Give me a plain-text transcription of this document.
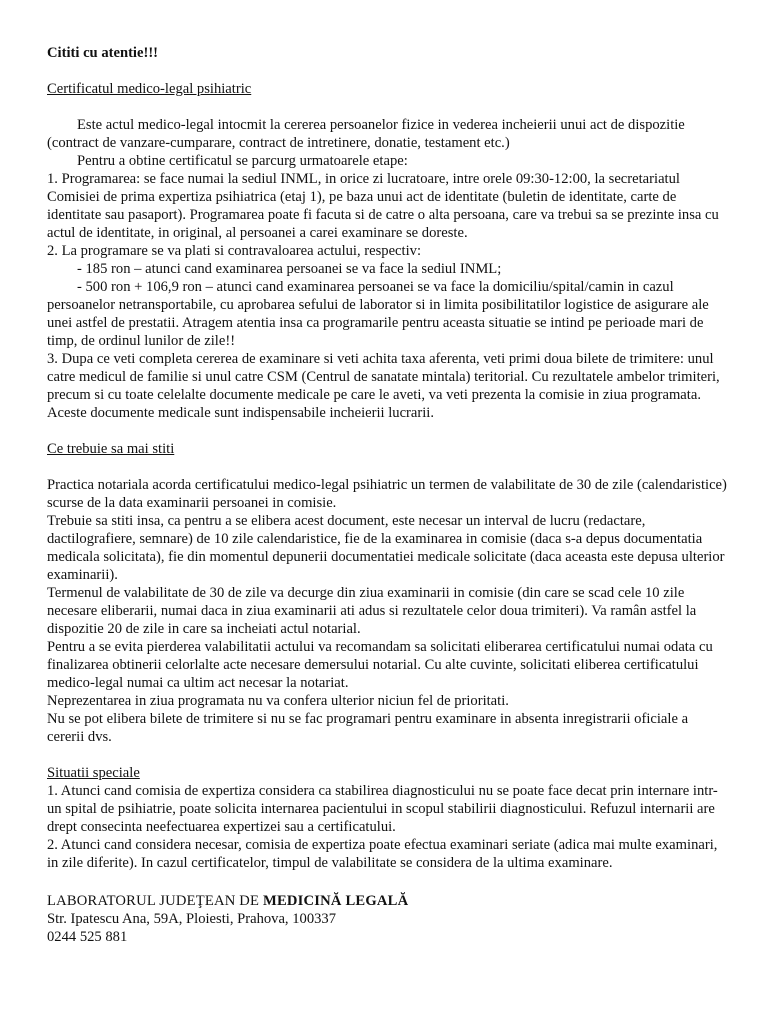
Cititi cu atentie!!!

Certificatul medico-legal psihiatric

Este actul medico-legal intocmit la cererea persoanelor fizice in vederea incheierii unui act de dispozitie (contract de vanzare-cumparare, contract de intretinere, donatie, testament etc.)

Pentru a obtine certificatul se parcurg urmatoarele etape:

1. Programarea: se face numai la sediul INML, in orice zi lucratoare, intre orele 09:30-12:00, la secretariatul Comisiei de prima expertiza psihiatrica (etaj 1), pe baza unui act de identitate (buletin de identitate, carte de identitate sau pasaport). Programarea poate fi facuta si de catre o alta persoana, care va trebui sa se prezinte insa cu actul de identitate, in original, al persoanei a carei examinare se doreste.

2. La programare se va plati si contravaloarea actului, respectiv:

- 185 ron – atunci cand examinarea persoanei se va face la sediul INML;

- 500 ron + 106,9 ron – atunci cand examinarea persoanei se va face la domiciliu/spital/camin in cazul persoanelor netransportabile, cu aprobarea sefului de laborator si in limita posibilitatilor logistice de asigurare ale unei astfel de prestatii. Atragem atentia insa ca programarile pentru aceasta situatie se intind pe perioade mari de timp, de ordinul lunilor de zile!!

3. Dupa ce veti completa cererea de examinare si veti achita taxa aferenta, veti primi doua bilete de trimitere: unul catre medicul de familie si unul catre CSM (Centrul de sanatate mintala) teritorial. Cu rezultatele ambelor trimiteri, precum si cu toate celelalte documente medicale pe care le aveti, va veti prezenta la comisie in ziua programata. Aceste documente medicale sunt indispensabile incheierii lucrarii.

Ce trebuie sa mai stiti

Practica notariala acorda certificatului medico-legal psihiatric un termen de valabilitate de 30 de zile (calendaristice) scurse de la data examinarii persoanei in comisie.

Trebuie sa stiti insa, ca pentru a se elibera acest document, este necesar un interval de lucru (redactare, dactilografiere, semnare) de 10 zile calendaristice, fie de la examinarea in comisie (daca s-a depus documentatia medicala solicitata), fie din momentul depunerii documentatiei medicale solicitate (daca aceasta este depusa ulterior examinarii).

Termenul de valabilitate de 30 de zile va decurge din ziua examinarii in comisie (din care se scad cele 10 zile necesare eliberarii, numai daca in ziua examinarii ati adus si rezultatele celor doua trimiteri). Va ramân astfel la dispozitie 20 de zile in care sa incheiati actul notarial.

Pentru a se evita pierderea valabilitatii actului va recomandam sa solicitati eliberarea certificatului numai odata cu finalizarea obtinerii celorlalte acte necesare demersului notarial. Cu alte cuvinte, solicitati eliberea certificatului medico-legal numai ca ultim act necesar la notariat.

Neprezentarea in ziua programata nu va confera ulterior niciun fel de prioritati.

Nu se pot elibera bilete de trimitere si nu se fac programari pentru examinare in absenta inregistrarii oficiale a cererii dvs.

Situatii speciale

1. Atunci cand comisia de expertiza considera ca stabilirea diagnosticului nu se poate face decat prin internare intr-un spital de psihiatrie, poate solicita internarea pacientului in scopul stabilirii diagnosticului. Refuzul internarii are drept consecinta neefectuarea expertizei sau a certificatului.

2. Atunci cand considera necesar, comisia de expertiza poate efectua examinari seriate (adica mai multe examinari, in zile diferite). In cazul certificatelor, timpul de valabilitate se considera de la ultima examinare.

LABORATORUL JUDEŢEAN DE MEDICINĂ LEGALĂ

Str. Ipatescu Ana, 59A, Ploiesti, Prahova, 100337

0244 525 881
